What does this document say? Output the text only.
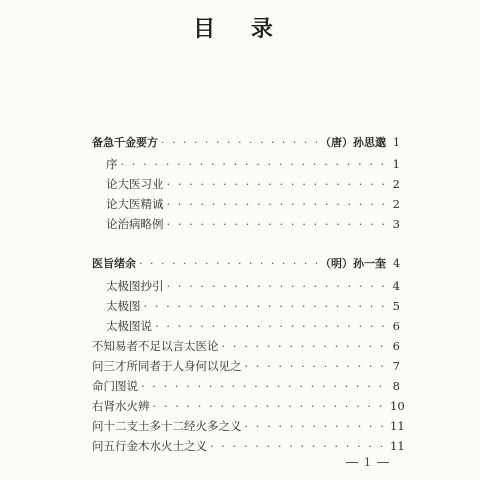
目 录
备急千金要方 · · ·	（唐）孙思邈 1
序 · · ·	1
论大医习业 · · ·	2
论大医精诚 · · ·	2
论治病略例 · · ·	3
医旨绪余 · · ·	（明）孙一奎 4
太极图抄引 · · ·	4
太极图 · · ·	5
太极图说 · · ·	6
不知易者不足以言太医论 · · ·	6
问三才所同者于人身何以见之 · · ·	7
命门图说 · · ·	8
右肾水火辨 · · ·	10
问十二支土多十二经火多之义 · · ·	11
问五行金木水火土之义 · · ·	11
1
